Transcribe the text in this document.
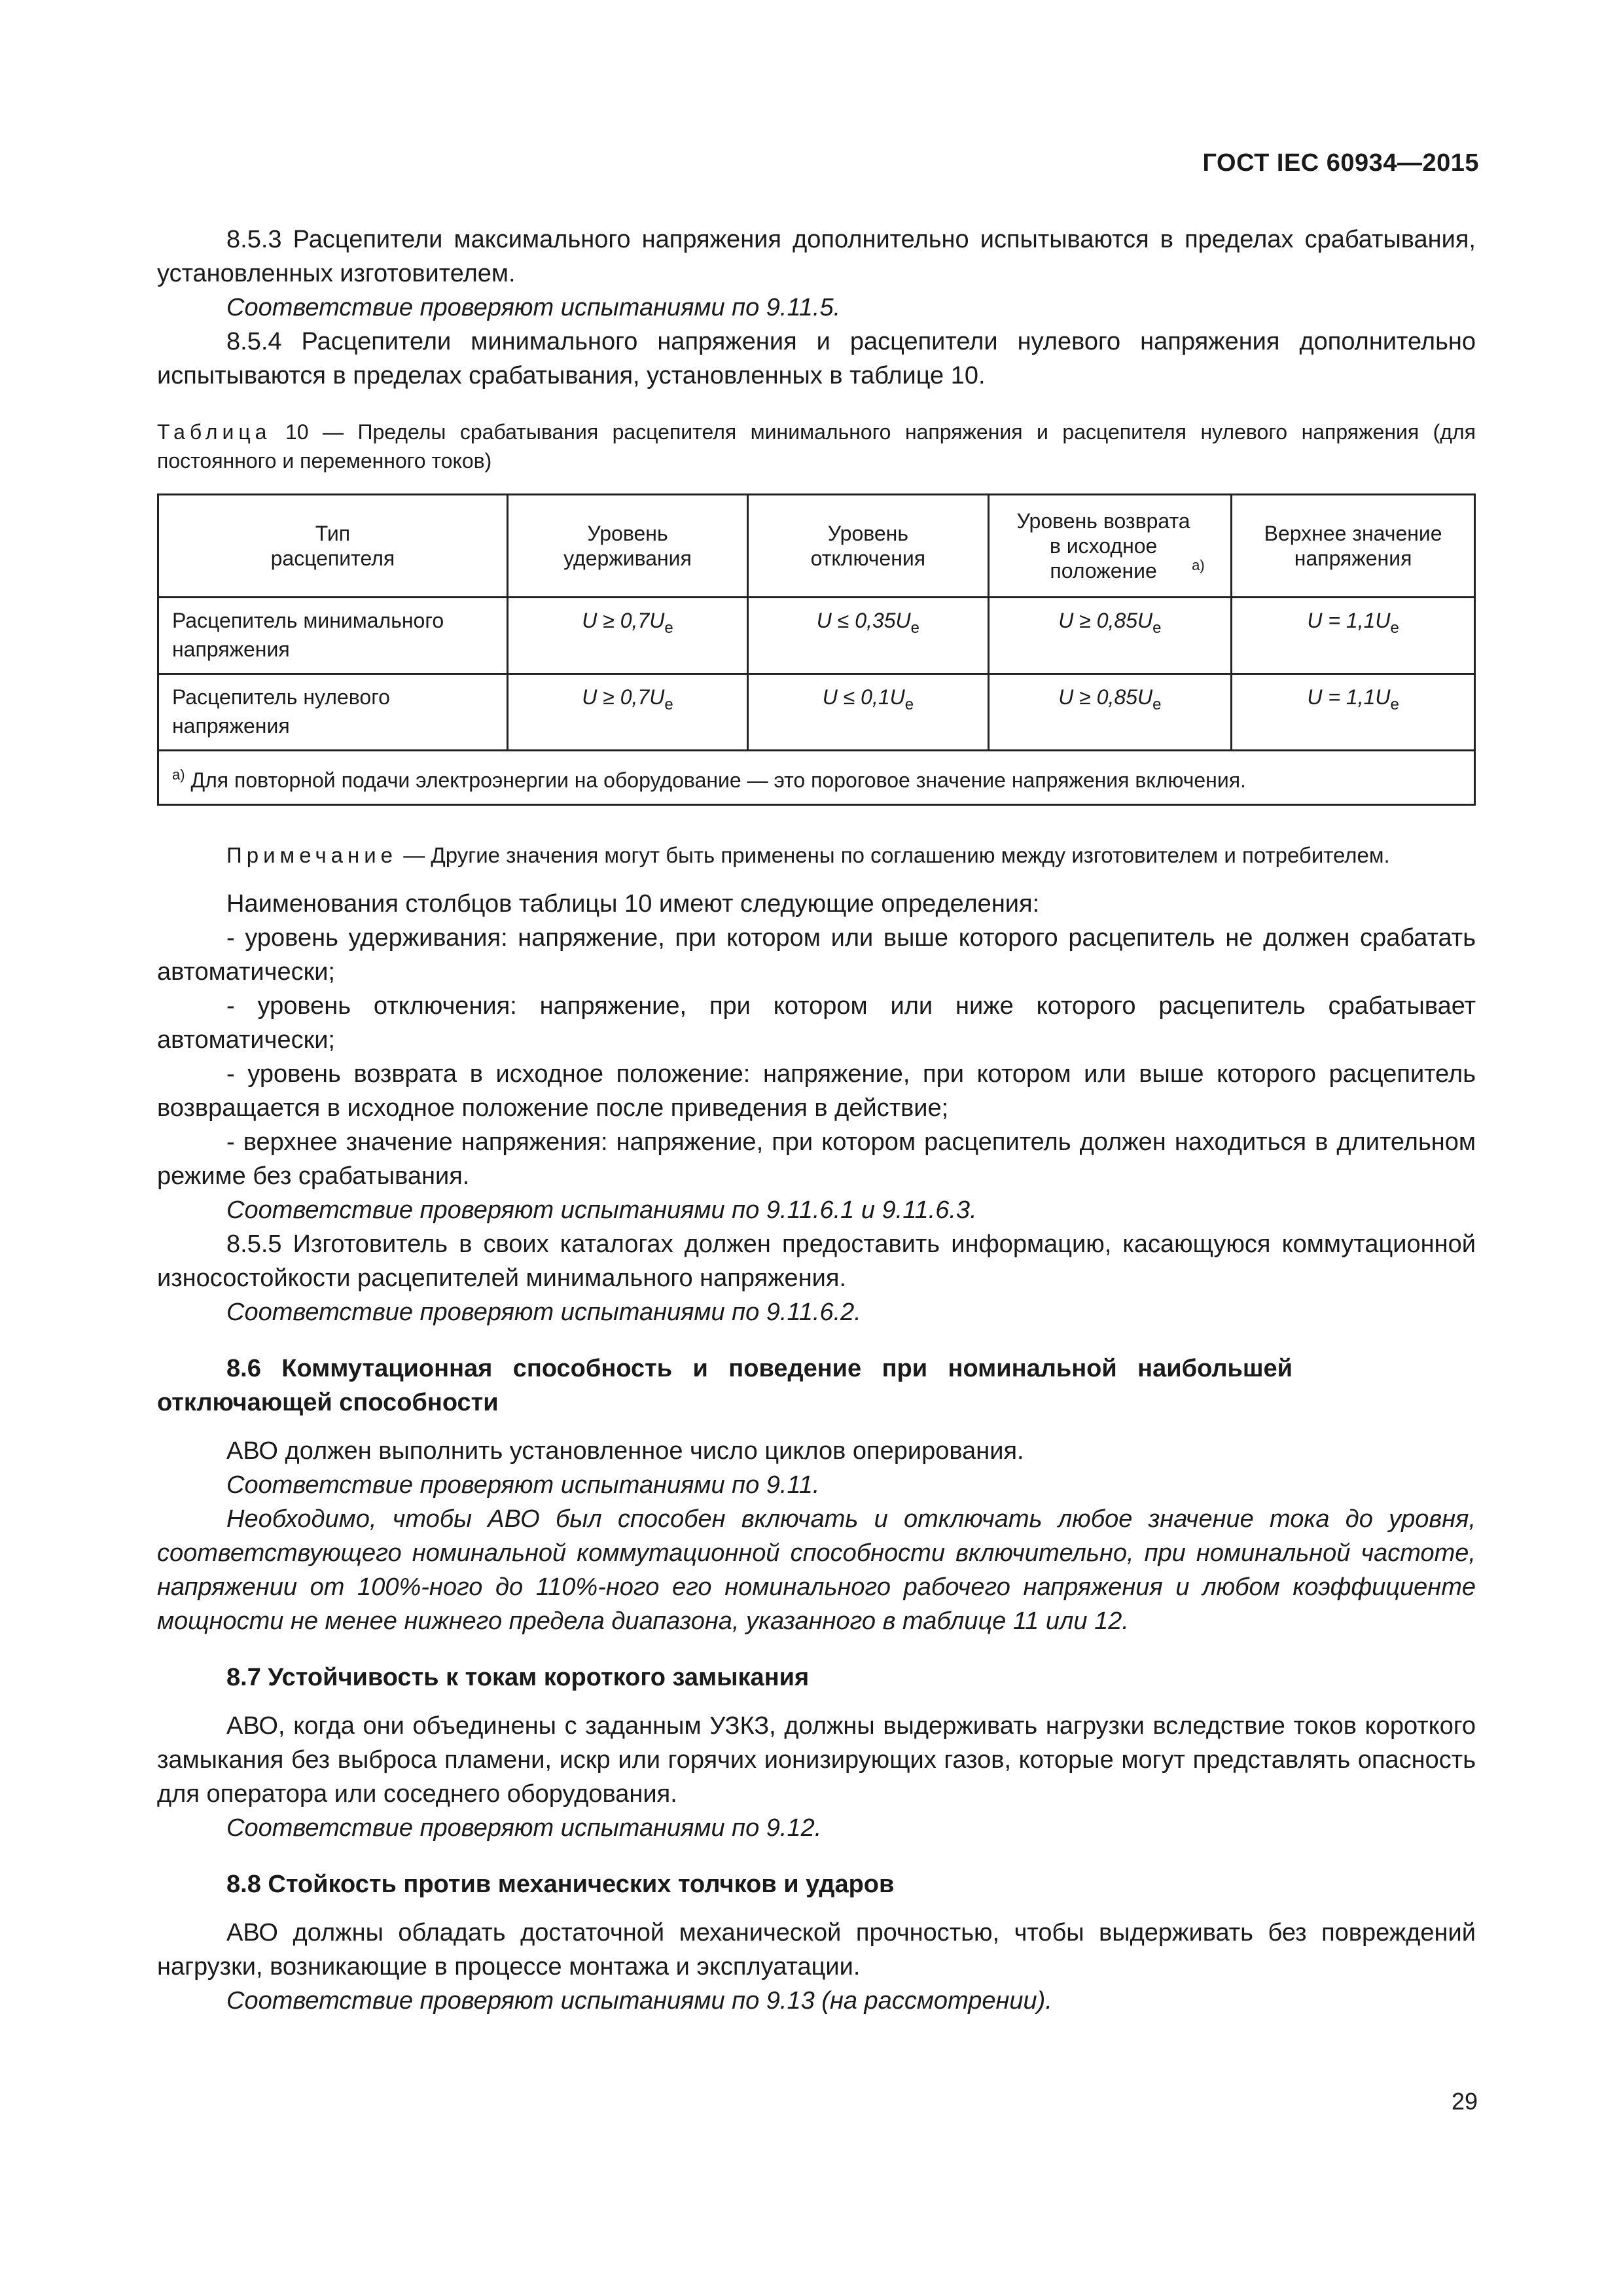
ГОСТ IEC 60934—2015

8.5.3 Расцепители максимального напряжения дополнительно испытываются в пределах срабатывания, установленных изготовителем.

Соответствие проверяют испытаниями по 9.11.5.

8.5.4 Расцепители минимального напряжения и расцепители нулевого напряжения дополнительно испытываются в пределах срабатывания, установленных в таблице 10.

Таблица 10 — Пределы срабатывания расцепителя минимального напряжения и расцепителя нулевого напряжения (для постоянного и переменного токов)

Тип расцепителя	Уровень удерживания	Уровень отключения	Уровень возврата в исходное положение $^{а)}$	Верхнее значение напряжения
Расцепитель минимального напряжения	$U \ge 0,7U_e$	$U \le 0,35U_e$	$U \ge 0,85U_e$	$U = 1,1U_e$
Расцепитель нулевого напряжения	$U \ge 0,7U_e$	$U \le 0,1U_e$	$U \ge 0,85U_e$	$U = 1,1U_e$
$^{а)}$ Для повторной подачи электроэнергии на оборудование — это пороговое значение напряжения включения.				

Примечание — Другие значения могут быть применены по соглашению между изготовителем и потребителем.

Наименования столбцов таблицы 10 имеют следующие определения:

- уровень удерживания: напряжение, при котором или выше которого расцепитель не должен срабатать автоматически;

- уровень отключения: напряжение, при котором или ниже которого расцепитель срабатывает автоматически;

- уровень возврата в исходное положение: напряжение, при котором или выше которого расцепитель возвращается в исходное положение после приведения в действие;

- верхнее значение напряжения: напряжение, при котором расцепитель должен находиться в длительном режиме без срабатывания.

Соответствие проверяют испытаниями по 9.11.6.1 и 9.11.6.3.

8.5.5 Изготовитель в своих каталогах должен предоставить информацию, касающуюся коммутационной износостойкости расцепителей минимального напряжения.

Соответствие проверяют испытаниями по 9.11.6.2.

8.6 Коммутационная способность и поведение при номинальной наибольшей отключающей способности

АВО должен выполнить установленное число циклов оперирования.

Соответствие проверяют испытаниями по 9.11.

Необходимо, чтобы АВО был способен включать и отключать любое значение тока до уровня, соответствующего номинальной коммутационной способности включительно, при номинальной частоте, напряжении от 100%-ного до 110%-ного его номинального рабочего напряжения и любом коэффициенте мощности не менее нижнего предела диапазона, указанного в таблице 11 или 12.

8.7 Устойчивость к токам короткого замыкания

АВО, когда они объединены с заданным УЗКЗ, должны выдерживать нагрузки вследствие токов короткого замыкания без выброса пламени, искр или горячих ионизирующих газов, которые могут представлять опасность для оператора или соседнего оборудования.

Соответствие проверяют испытаниями по 9.12.

8.8 Стойкость против механических толчков и ударов

АВО должны обладать достаточной механической прочностью, чтобы выдерживать без повреждений нагрузки, возникающие в процессе монтажа и эксплуатации.

Соответствие проверяют испытаниями по 9.13 (на рассмотрении).

29
